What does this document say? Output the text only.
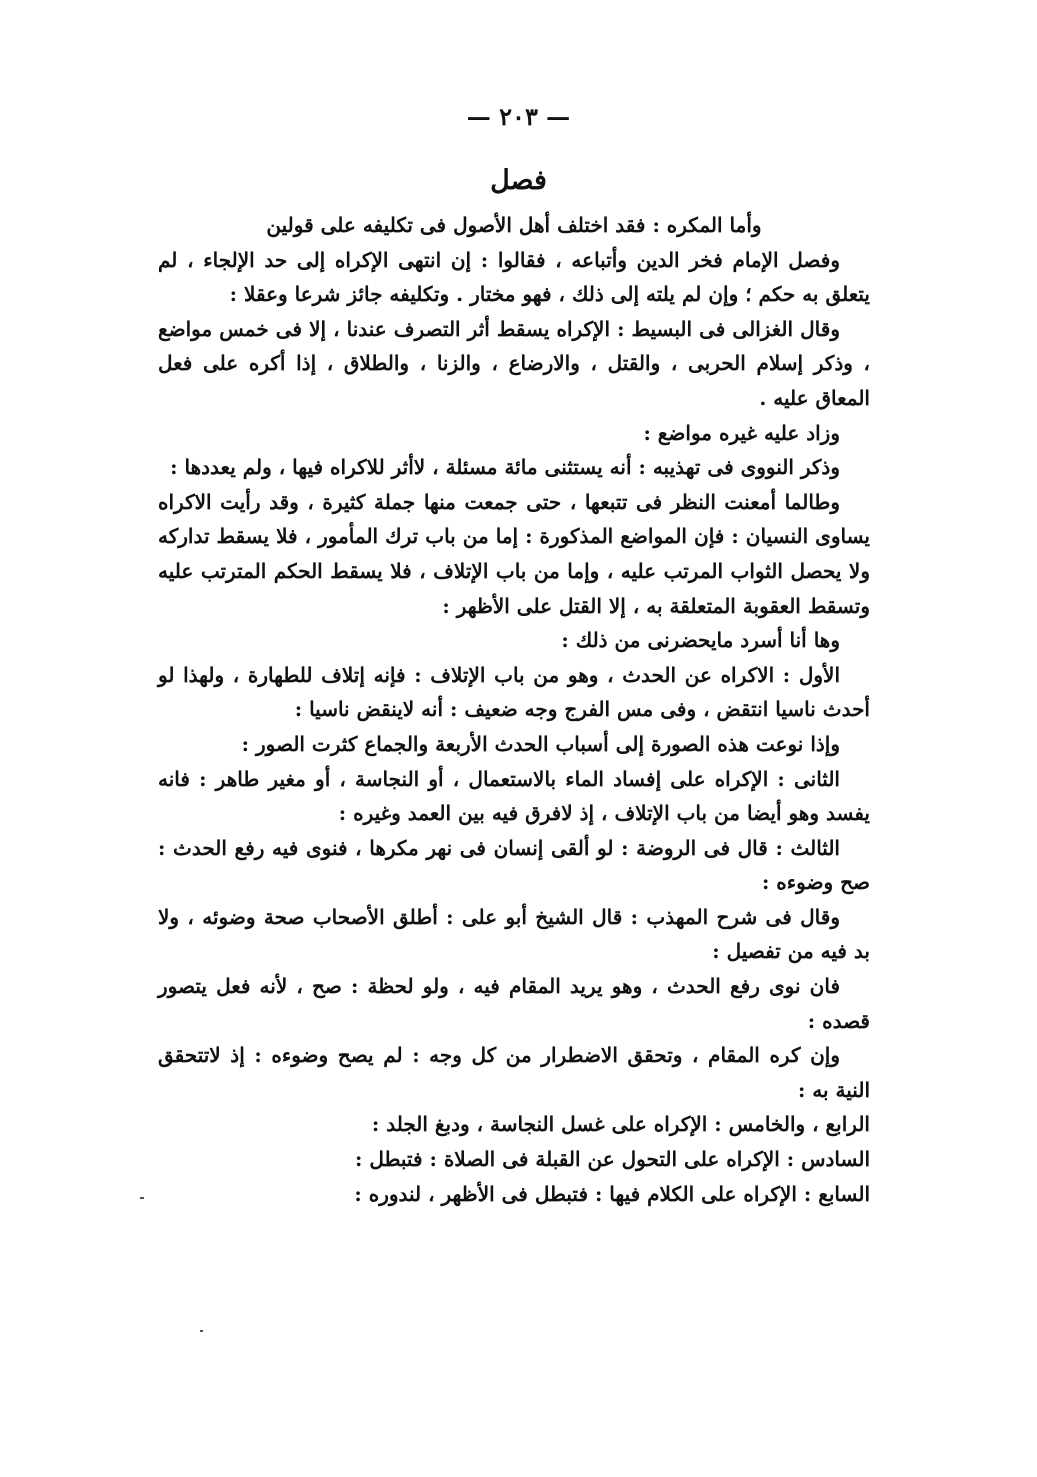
— ٢٠٣ —
فصل

وأما المكره : فقد اختلف أهل الأصول فى تكليفه على قولين

وفصل الإمام فخر الدين وأتباعه ، فقالوا : إن انتهى الإكراه إلى حد الإلجاء ، لم يتعلق به حكم ؛ وإن لم يلته إلى ذلك ، فهو مختار . وتكليفه جائز شرعا وعقلا :

وقال الغزالى فى البسيط : الإكراه يسقط أثر التصرف عندنا ، إلا فى خمس مواضع ، وذكر إسلام الحربى ، والقتل ، والارضاع ، والزنا ، والطلاق ، إذا أكره على فعل المعاق عليه .

وزاد عليه غيره مواضع :

وذكر النووى فى تهذيبه : أنه يستثنى مائة مسئلة ، لاأثر للاكراه فيها ، ولم يعددها :

وطالما أمعنت النظر فى تتبعها ، حتى جمعت منها جملة كثيرة ، وقد رأيت الاكراه يساوى النسيان : فإن المواضع المذكورة : إما من باب ترك المأمور ، فلا يسقط تداركه ولا يحصل الثواب المرتب عليه ، وإما من باب الإتلاف ، فلا يسقط الحكم المترتب عليه وتسقط العقوبة المتعلقة به ، إلا القتل على الأظهر :

وها أنا أسرد مايحضرنى من ذلك :

الأول : الاكراه عن الحدث ، وهو من باب الإتلاف : فإنه إتلاف للطهارة ، ولهذا لو أحدث ناسيا انتقض ، وفى مس الفرج وجه ضعيف : أنه لاينقض ناسيا :

وإذا نوعت هذه الصورة إلى أسباب الحدث الأربعة والجماع كثرت الصور :

الثانى : الإكراه على إفساد الماء بالاستعمال ، أو النجاسة ، أو مغير طاهر : فانه يفسد وهو أيضا من باب الإتلاف ، إذ لافرق فيه بين العمد وغيره :

الثالث : قال فى الروضة : لو ألقى إنسان فى نهر مكرها ، فنوى فيه رفع الحدث : صح وضوءه :

وقال فى شرح المهذب : قال الشيخ أبو على : أطلق الأصحاب صحة وضوئه ، ولا بد فيه من تفصيل :

فان نوى رفع الحدث ، وهو يريد المقام فيه ، ولو لحظة : صح ، لأنه فعل يتصور قصده :

وإن كره المقام ، وتحقق الاضطرار من كل وجه : لم يصح وضوءه : إذ لاتتحقق النية به :

الرابع ، والخامس : الإكراه على غسل النجاسة ، ودبغ الجلد :

السادس : الإكراه على التحول عن القبلة فى الصلاة : فتبطل :

السابع : الإكراه على الكلام فيها : فتبطل فى الأظهر ، لندوره :
